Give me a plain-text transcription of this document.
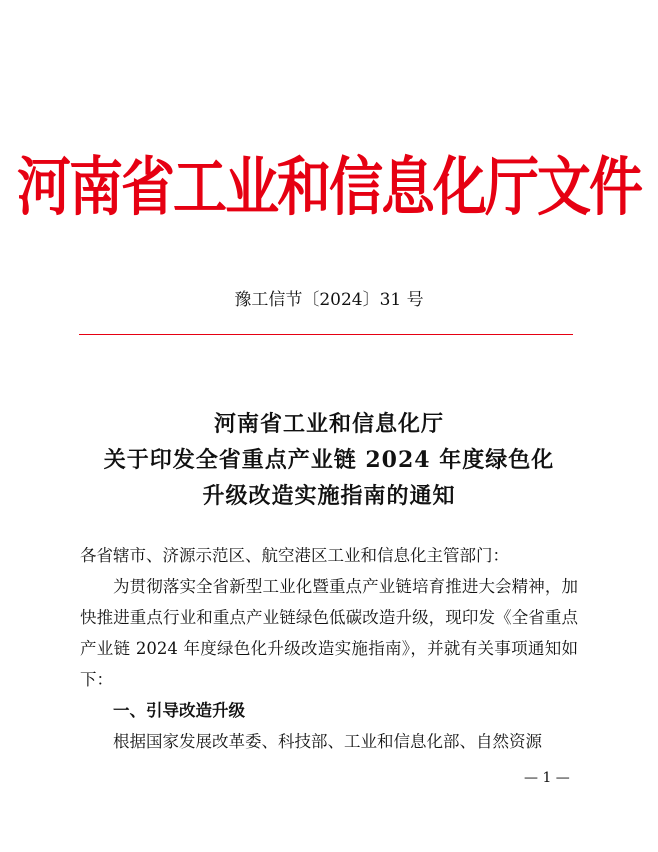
河南省工业和信息化厅文件
豫工信节〔2024〕31 号
河南省工业和信息化厅
关于印发全省重点产业链 2024 年度绿色化
升级改造实施指南的通知

各省辖市、济源示范区、航空港区工业和信息化主管部门：

为贯彻落实全省新型工业化暨重点产业链培育推进大会精神，加快推进重点行业和重点产业链绿色低碳改造升级，现印发《全省重点产业链 2024 年度绿色化升级改造实施指南》，并就有关事项通知如下：

一、引导改造升级

根据国家发展改革委、科技部、工业和信息化部、自然资源

— 1 —
